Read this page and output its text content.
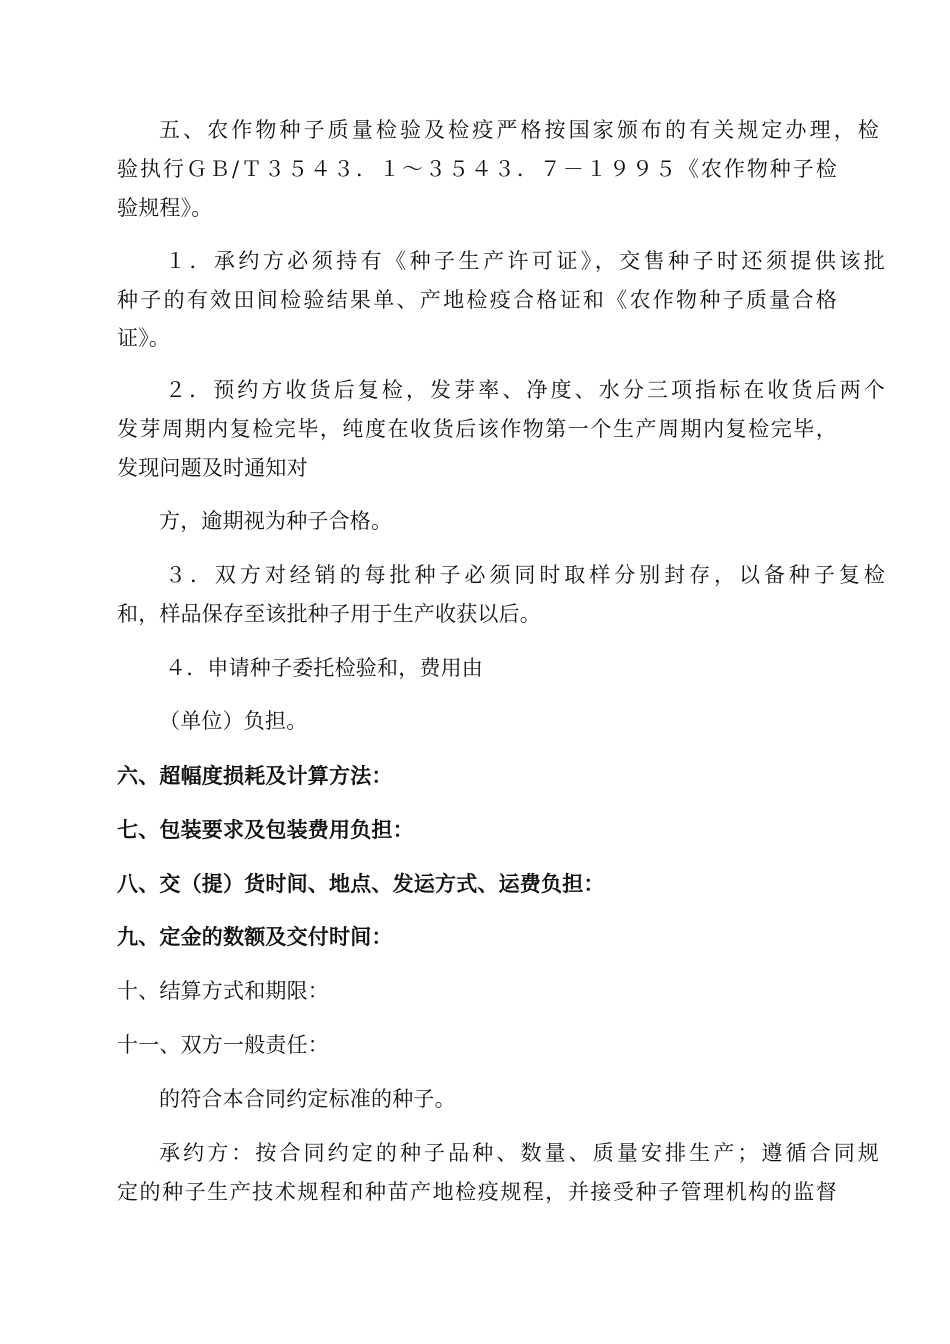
五、农作物种子质量检验及检疫严格按国家颁布的有关规定办理，检
验执行ＧＢ/Ｔ３５４３．１～３５４３．７－１９９５《农作物种子检
验规程》。
１．承约方必须持有《种子生产许可证》，交售种子时还须提供该批
种子的有效田间检验结果单、产地检疫合格证和《农作物种子质量合格
证》。
２．预约方收货后复检，发芽率、净度、水分三项指标在收货后两个
发芽周期内复检完毕，纯度在收货后该作物第一个生产周期内复检完毕，
发现问题及时通知对
方，逾期视为种子合格。
３．双方对经销的每批种子必须同时取样分别封存，以备种子复检
和，样品保存至该批种子用于生产收获以后。
４．申请种子委托检验和，费用由
（单位）负担。
六、超幅度损耗及计算方法：
七、包装要求及包装费用负担：
八、交（提）货时间、地点、发运方式、运费负担：
九、定金的数额及交付时间：
十、结算方式和期限：
十一、双方一般责任：
的符合本合同约定标准的种子。
承约方：按合同约定的种子品种、数量、质量安排生产；遵循合同规
定的种子生产技术规程和种苗产地检疫规程，并接受种子管理机构的监督
